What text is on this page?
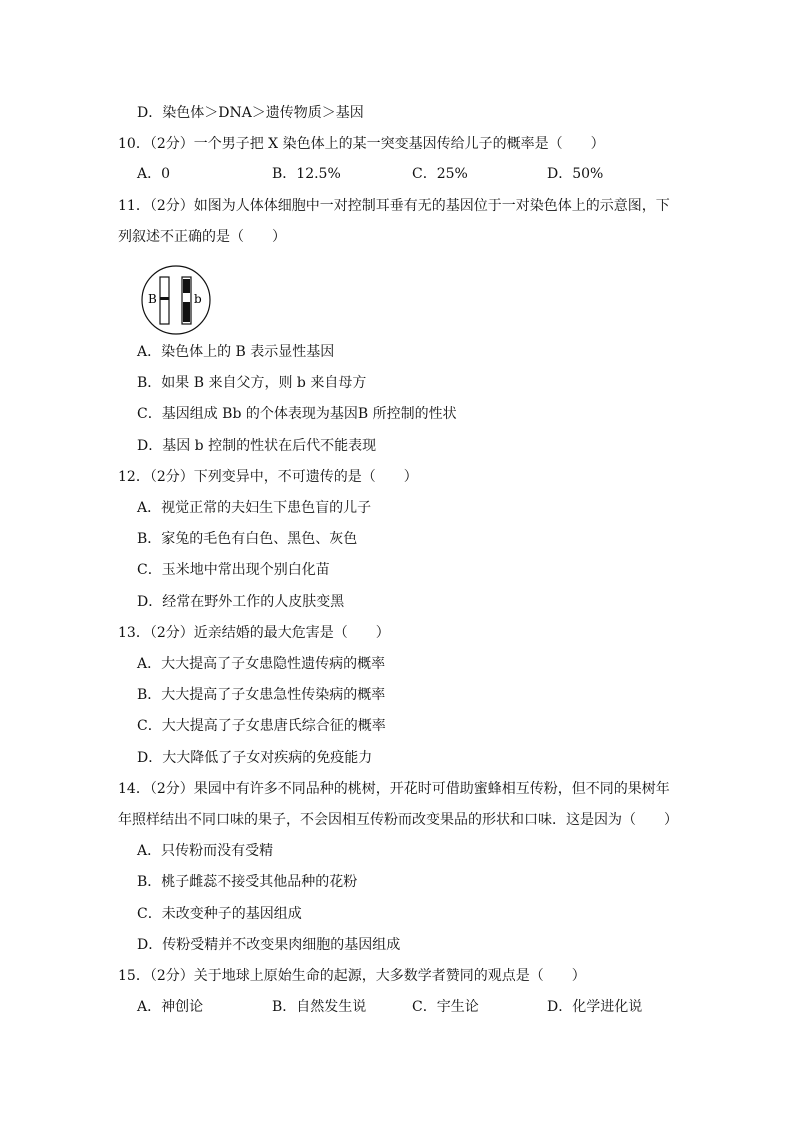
D．染色体＞DNA＞遗传物质＞基因
10．（2分）一个男子把 X 染色体上的某一突变基因传给儿子的概率是（　　）
A．0	B．12.5%	C．25%	D．50%
11．（2分）如图为人体体细胞中一对控制耳垂有无的基因位于一对染色体上的示意图，下
列叙述不正确的是（　　）
B	b
A．染色体上的 B 表示显性基因
B．如果 B 来自父方，则 b 来自母方
C．基因组成 Bb 的个体表现为基因B 所控制的性状
D．基因 b 控制的性状在后代不能表现
12．（2分）下列变异中，不可遗传的是（　　）
A．视觉正常的夫妇生下患色盲的儿子
B．家兔的毛色有白色、黑色、灰色
C．玉米地中常出现个别白化苗
D．经常在野外工作的人皮肤变黑
13．（2分）近亲结婚的最大危害是（　　）
A．大大提高了子女患隐性遗传病的概率
B．大大提高了子女患急性传染病的概率
C．大大提高了子女患唐氏综合征的概率
D．大大降低了子女对疾病的免疫能力
14．（2分）果园中有许多不同品种的桃树，开花时可借助蜜蜂相互传粉，但不同的果树年
年照样结出不同口味的果子，不会因相互传粉而改变果品的形状和口味．这是因为（　　）
A．只传粉而没有受精
B．桃子雌蕊不接受其他品种的花粉
C．未改变种子的基因组成
D．传粉受精并不改变果肉细胞的基因组成
15．（2分）关于地球上原始生命的起源，大多数学者赞同的观点是（　　）
A．神创论	B．自然发生说	C．宇生论	D．化学进化说
